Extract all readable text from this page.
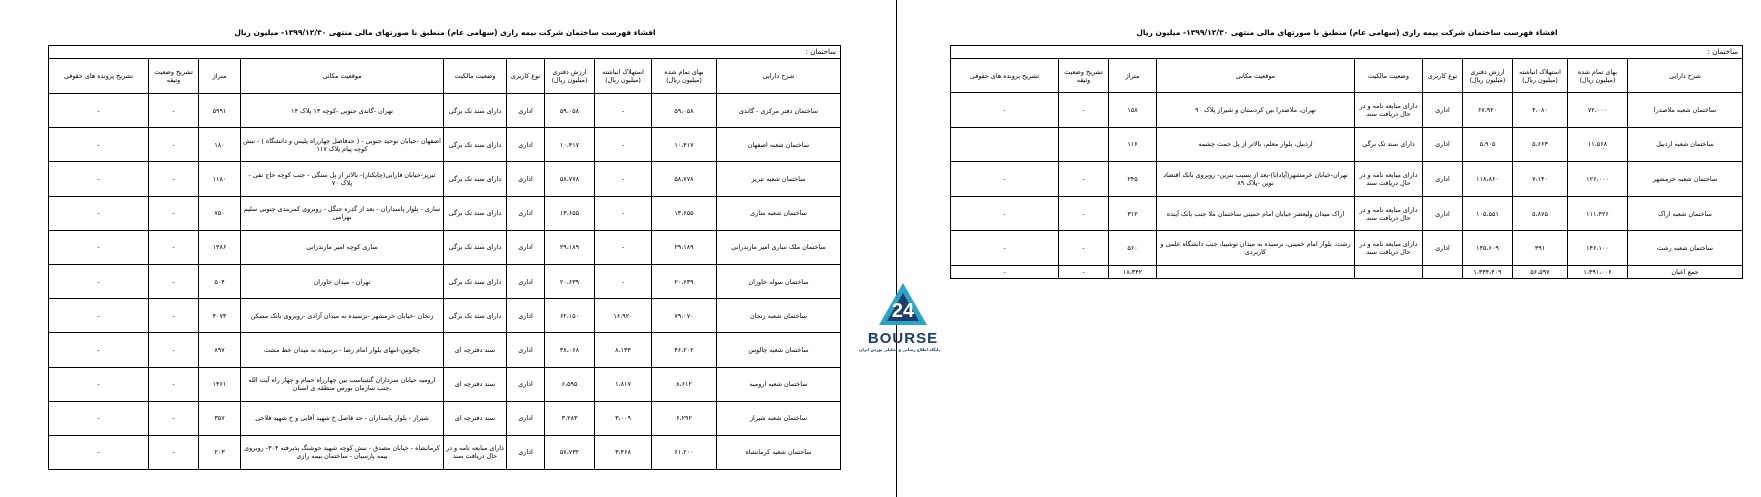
افشاء فهرست ساختمان شرکت بیمه رازی (سهامی عام) منطبق با صورتهای مالی منتهی ۱۳۹۹/۱۲/۳۰- میلیون ریال
ساختمان :									
شرح دارایی	بهای تمام شده (میلیون ریال)	استهلاک انباشته (میلیون ریال)	ارزش دفتری (میلیون ریال)	نوع کاربری	وضعیت مالکیت	موقعیت مکانی	متراژ	تشریح وضعیت وثیقه	تشریح پرونده های حقوقی
ساختمان دفتر مرکزی - گاندی	۵۹،۰۵۸	-	۵۹،۰۵۸	اداری	دارای سند تک برگی	تهران -گاندی جنوبی -کوچه ۱۳ پلاک ۱۴	۵۹۹۱	-	-
ساختمان شعبه اصفهان	۱۰،۴۱۷	-	۱۰،۴۱۷	اداری	دارای سند تک برگی	اصفهان -خیابان توحید جنوبی - ( حدفاصل چهارراه پلیس و دانشگاه ) - نبش کوچه پیام پلاک ۱۱۷	۱۸۰	-	-
ساختمان شعبه تبریز	۵۸،۷۷۸	-	۵۸،۷۷۸	اداری	دارای سند تک برگی	تبریز-خیابان فارابی(چایکنار)- بالاتر از پل سنگی - جنب کوچه حاج تقی - پلاک ۷۰	۱۱۸۰	-	-
ساختمان شعبه ساری	۱۳،۶۵۵	-	۱۳،۶۵۵	اداری	دارای سند تک برگی	ساری - بلوار پاسداران - بعد از گذره جنگل - روبروی کمربندی جنوبی سلیم بهرامی	۷۵۰	-	-
ساختمان ملک ساری امیر مازندرانی	۲۹،۱۸۹	-	۲۹،۱۸۹	اداری	دارای سند تک برگی	ساری کوچه امیر مازندرانی	۱۳۸۶	-	-
ساختمان سوله خاوران	۲۰،۶۳۹	-	۲۰،۶۳۹	اداری	دارای سند تک برگی	تهران - میدان خاوران	۵۰۴	-	-
ساختمان شعبه زنجان	۷۹،۰۷۰	۱۶،۹۲۰	۶۲،۱۵۰	اداری	دارای سند تک برگی	زنجان -خیابان خرمشهر -نرسیده به میدان آزادی -روبروی بانک مسکن	۴۰۷۴	-	-
ساختمان شعبه چالوس	۴۶،۲۰۲	۸،۱۳۴	۳۸،۰۶۸	اداری	سند دفترچه ای	چالوس-انتهای بلوار امام رضا - نرسیده به میدان خط مشت	۸۹۷	-	-
ساختمان شعبه ارومیه	۸،۶۱۲	۱،۸۱۷	۶،۵۹۵	اداری	سند دفترچه ای	ارومیه خیابان سرداران گشتاسب بین چهارراه حمام و چهار راه آیت الله ،جنب سازمان بورس منطقه ی استان	۱۴۶۱	-	-
ساختمان شعبه شیراز	۶،۲۹۲	۳،۰۰۹	۳،۲۸۳	اداری	سند دفترچه ای	شیراز - بلوار پاسداران - حد فاصل خ شهید آقایی و خ شهید فلاحی	۳۵۷	-	-
ساختمان شعبه کرمانشاه	۶۱،۲۰۰	۳،۴۶۸	۵۷،۷۳۲	اداری	دارای مبایعه نامه و در حال دریافت سند	کرمانشاه - خیابان مصدق - نبش کوچه شهید حوشنگ پذیرفته ۳۰۴- روبروی بیمه پارسیان - ساختمان بیمه رازی	۲۰۳	-	-
افشاء فهرست ساختمان شرکت بیمه رازی (سهامی عام) منطبق با صورتهای مالی منتهی ۱۳۹۹/۱۲/۳۰- میلیون ریال
ساختمان :									
شرح دارایی	بهای تمام شده (میلیون ریال)	استهلاک انباشته (میلیون ریال)	ارزش دفتری (میلیون ریال)	نوع کاربری	وضعیت مالکیت	موقعیت مکانی	متراژ	تشریح وضعیت وثیقه	تشریح پرونده های حقوقی
ساختمان شعبه ملاصدرا	۷۲،۰۰۰	۴،۰۸۰	۶۷،۹۲۰	اداری	دارای مبایعه نامه و در حال دریافت سند	تهران، ملاصدرا بین کردستان و شیراز پلاک ۹۰	۱۵۸	-	-
ساختمان شعبه اردبیل	۱۱،۵۶۸	۵،۶۶۳	۵،۹۰۵	اداری	دارای سند تک برگی	اردبیل، بلوار معلم، بالاتر از پل حمت چشمه	۱۱۶		
ساختمان شعبه خرمشهر	۱۲۶،۰۰۰	۷،۱۴۰	۱۱۸،۸۶۰	اداری	دارای مبایعه نامه و در حال دریافت سند	تهران-خیابان خرمشهر(آپادانا)-بعد از بسیب بنزین- روبروی بانک اقتصاد نوین -پلاک ۸۹	۲۴۵	-	-
ساختمان شعبه اراک	۱۱۱،۴۲۶	۵،۸۷۵	۱۰۵،۵۵۱	اداری	دارای مبایعه نامه و در حال دریافت سند	اراک میدان ولیعصر خیابان امام خمینی ساختمان ملا جنب بانک آینده	۳۱۲	-	-
ساختمان شعبه رشت	۱۴۶،۱۰۰	۴۹۱	۱۴۵،۶۰۹	اداری	دارای مبایعه نامه و در حال دریافت سند	رشت، بلوار امام خمینی، نرسیده به میدان توشیبا، جنب دانشگاه علمی و کاربردی	۵۶۰	-	-
جمع اعیان	۱،۳۹۱،۰۰۶	۵۶،۵۹۷	۱،۳۳۴،۴۰۹				۱۸،۳۴۲	-	-
24
BOURSE
پایگاه اطلاع رسانی و تحلیلی بورس ایران
